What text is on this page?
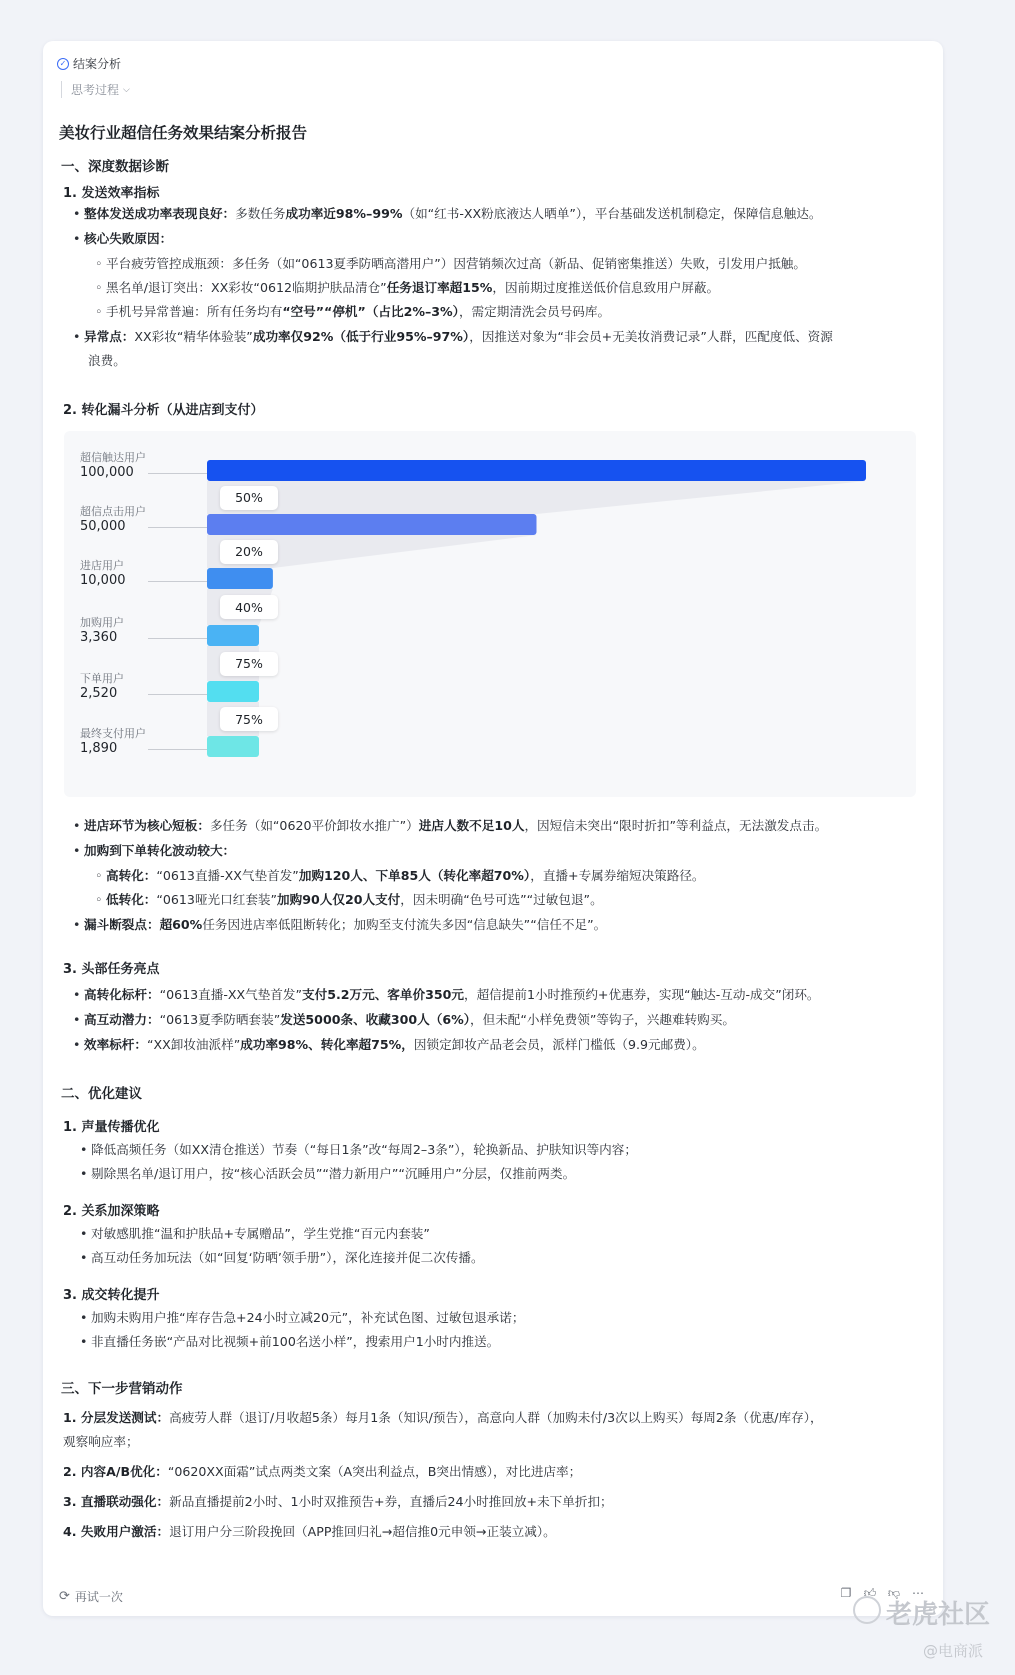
✓ 结案分析
思考过程 ⌵
美妆行业超信任务效果结案分析报告
一、深度数据诊断
1. 发送效率指标
• 整体发送成功率表现良好：多数任务成功率近98%–99%（如“红书-XX粉底液达人晒单”），平台基础发送机制稳定，保障信息触达。
• 核心失败原因：
◦ 平台疲劳管控成瓶颈：多任务（如“0613夏季防晒高潜用户”）因营销频次过高（新品、促销密集推送）失败，引发用户抵触。
◦ 黑名单/退订突出：XX彩妆“0612临期护肤品清仓”任务退订率超15%，因前期过度推送低价信息致用户屏蔽。
◦ 手机号异常普遍：所有任务均有“空号”“停机”（占比2%–3%），需定期清洗会员号码库。
• 异常点：XX彩妆“精华体验装”成功率仅92%（低于行业95%–97%），因推送对象为“非会员+无美妆消费记录”人群，匹配度低、资源
浪费。
2. 转化漏斗分析（从进店到支付）
超信触达用户
100,000
超信点击用户
50,000
进店用户
10,000
加购用户
3,360
下单用户
2,520
最终支付用户
1,890
50%
20%
40%
75%
75%
• 进店环节为核心短板：多任务（如“0620平价卸妆水推广”）进店人数不足10人，因短信未突出“限时折扣”等利益点，无法激发点击。
• 加购到下单转化波动较大：
◦ 高转化：“0613直播-XX气垫首发”加购120人、下单85人（转化率超70%），直播+专属券缩短决策路径。
◦ 低转化：“0613哑光口红套装”加购90人仅20人支付，因未明确“色号可选”“过敏包退”。
• 漏斗断裂点：超60%任务因进店率低阻断转化；加购至支付流失多因“信息缺失”“信任不足”。
3. 头部任务亮点
• 高转化标杆：“0613直播-XX气垫首发”支付5.2万元、客单价350元，超信提前1小时推预约+优惠券，实现“触达-互动-成交”闭环。
• 高互动潜力：“0613夏季防晒套装”发送5000条、收藏300人（6%），但未配“小样免费领”等钩子，兴趣难转购买。
• 效率标杆：“XX卸妆油派样”成功率98%、转化率超75%，因锁定卸妆产品老会员，派样门槛低（9.9元邮费）。
二、优化建议
1. 声量传播优化
• 降低高频任务（如XX清仓推送）节奏（“每日1条”改“每周2–3条”），轮换新品、护肤知识等内容；
• 剔除黑名单/退订用户，按“核心活跃会员”“潜力新用户”“沉睡用户”分层，仅推前两类。
2. 关系加深策略
• 对敏感肌推“温和护肤品+专属赠品”，学生党推“百元内套装”
• 高互动任务加玩法（如“回复‘防晒’领手册”），深化连接并促二次传播。
3. 成交转化提升
• 加购未购用户推“库存告急+24小时立减20元”，补充试色图、过敏包退承诺；
• 非直播任务嵌“产品对比视频+前100名送小样”，搜索用户1小时内推送。
三、下一步营销动作
1. 分层发送测试：高疲劳人群（退订/月收超5条）每月1条（知识/预告），高意向人群（加购未付/3次以上购买）每周2条（优惠/库存），
观察响应率；
2. 内容A/B优化：“0620XX面霜”试点两类文案（A突出利益点，B突出情感），对比进店率；
3. 直播联动强化：新品直播提前2小时、1小时双推预告+券，直播后24小时推回放+未下单折扣；
4. 失败用户激活：退订用户分三阶段挽回（APP推回归礼→超信推0元申领→正装立减）。
⟳ 再试一次	❐ 👍︎ 👎︎ ⋯
老虎社区
@电商派
